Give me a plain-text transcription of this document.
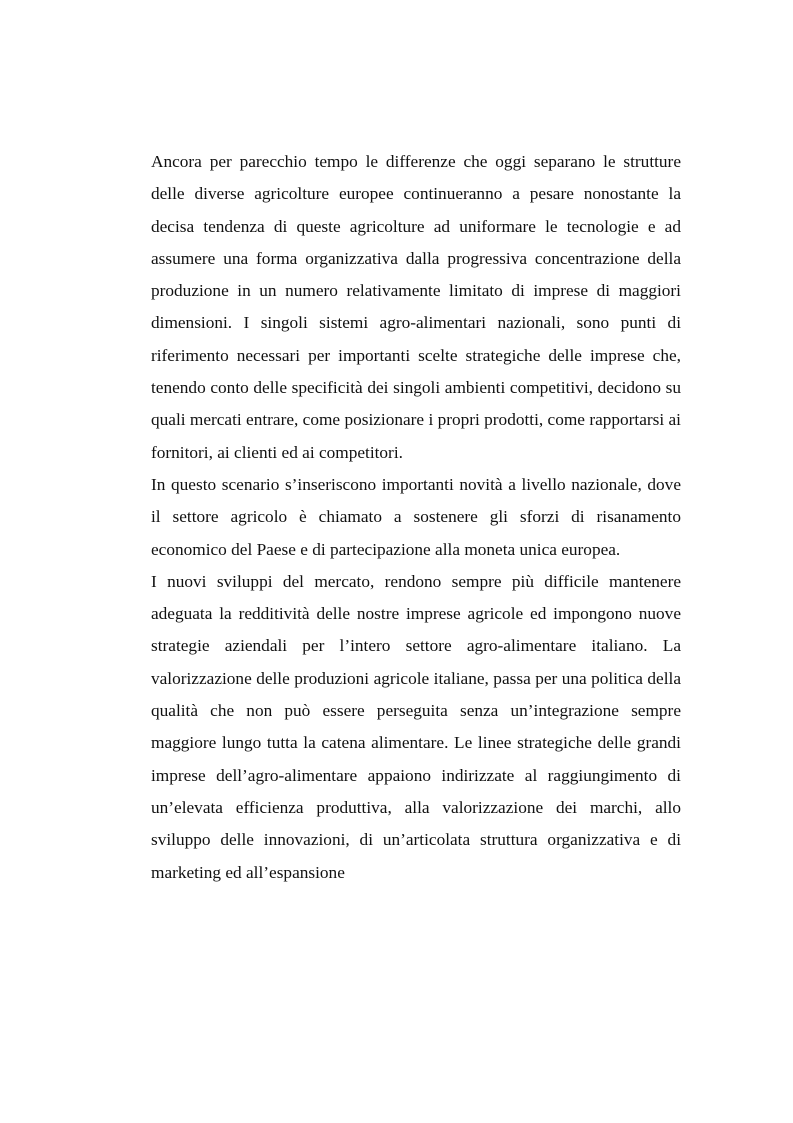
Ancora per parecchio tempo le differenze che oggi separano le strutture delle diverse agricolture europee continueranno a pesare nonostante la decisa tendenza di queste agricolture ad uniformare le tecnologie e ad assumere una forma organizzativa dalla progressiva concentrazione della produzione in un numero relativamente limitato di imprese di maggiori dimensioni. I singoli sistemi agro-alimentari nazionali, sono punti di riferimento necessari per importanti scelte strategiche delle imprese che, tenendo conto delle specificità dei singoli ambienti competitivi, decidono su quali mercati entrare, come posizionare i propri prodotti, come rapportarsi ai fornitori, ai clienti ed ai competitori.

In questo scenario s’inseriscono importanti novità a livello nazionale, dove il settore agricolo è chiamato a sostenere gli sforzi di risanamento economico del Paese e di partecipazione alla moneta unica europea.

I nuovi sviluppi del mercato, rendono sempre più difficile mantenere adeguata la redditività delle nostre imprese agricole ed impongono nuove strategie aziendali per l’intero settore agro-alimentare italiano. La valorizzazione delle produzioni agricole italiane, passa per una politica della qualità che non può essere perseguita senza un’integrazione sempre maggiore lungo tutta la catena alimentare. Le linee strategiche delle grandi imprese dell’agro-alimentare appaiono indirizzate al raggiungimento di un’elevata efficienza produttiva, alla valorizzazione dei marchi, allo sviluppo delle innovazioni, di un’articolata struttura organizzativa e di marketing ed all’espansione
